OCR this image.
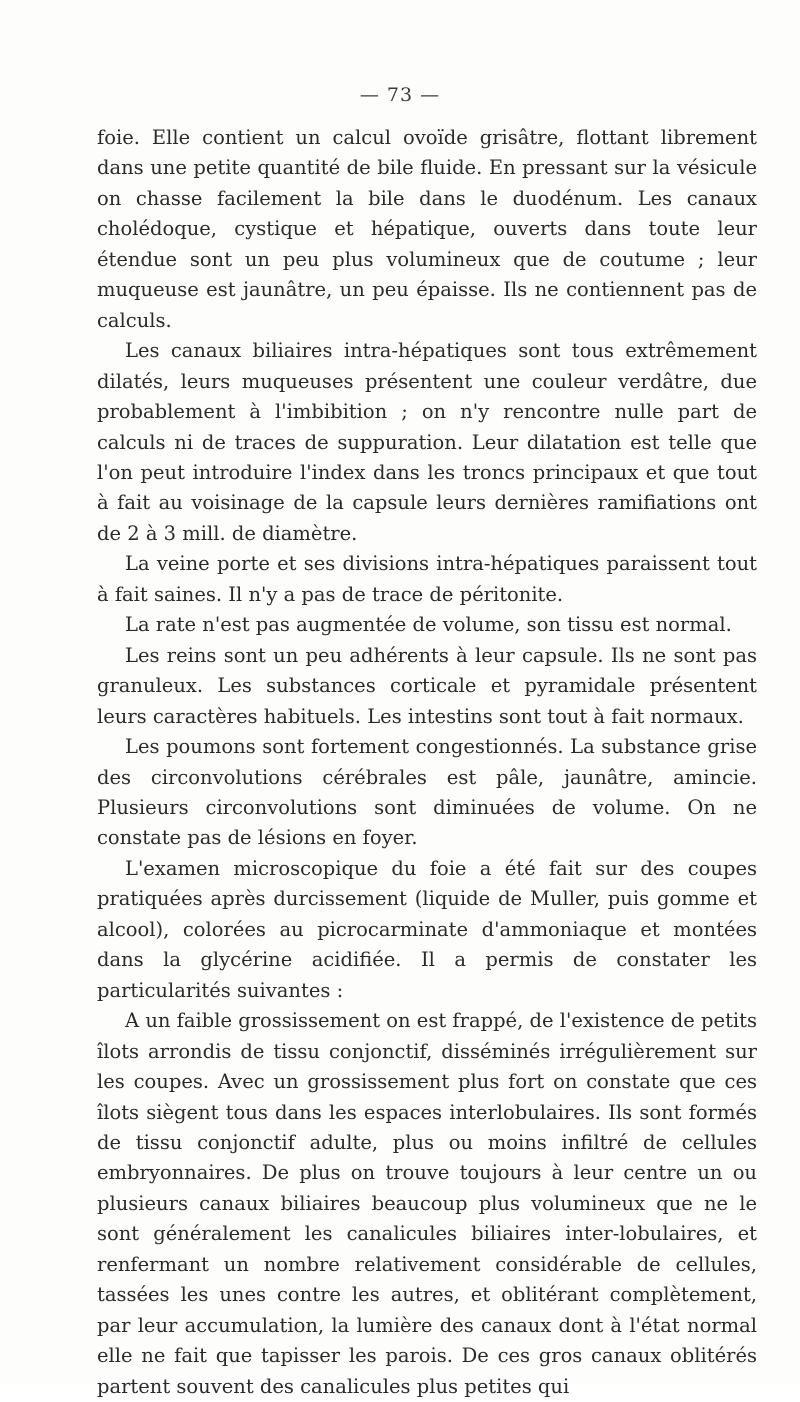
— 73 —

foie. Elle contient un calcul ovoïde grisâtre, flottant librement dans une petite quantité de bile fluide. En pressant sur la vésicule on chasse facilement la bile dans le duodénum. Les canaux cholédoque, cystique et hépatique, ouverts dans toute leur étendue sont un peu plus volumineux que de coutume ; leur muqueuse est jaunâtre, un peu épaisse. Ils ne contiennent pas de calculs.

Les canaux biliaires intra-hépatiques sont tous extrêmement dilatés, leurs muqueuses présentent une couleur verdâtre, due probablement à l'imbibition ; on n'y rencontre nulle part de calculs ni de traces de suppuration. Leur dilatation est telle que l'on peut introduire l'index dans les troncs principaux et que tout à fait au voisinage de la capsule leurs dernières ramifiations ont de 2 à 3 mill. de diamètre.

La veine porte et ses divisions intra-hépatiques paraissent tout à fait saines. Il n'y a pas de trace de péritonite.

La rate n'est pas augmentée de volume, son tissu est normal.

Les reins sont un peu adhérents à leur capsule. Ils ne sont pas granuleux. Les substances corticale et pyramidale présentent leurs caractères habituels. Les intestins sont tout à fait normaux.

Les poumons sont fortement congestionnés. La substance grise des circonvolutions cérébrales est pâle, jaunâtre, amincie. Plusieurs circonvolutions sont diminuées de volume. On ne constate pas de lésions en foyer.

L'examen microscopique du foie a été fait sur des coupes pratiquées après durcissement (liquide de Muller, puis gomme et alcool), colorées au picrocarminate d'ammoniaque et montées dans la glycérine acidifiée. Il a permis de constater les particularités suivantes :

A un faible grossissement on est frappé, de l'existence de petits îlots arrondis de tissu conjonctif, disséminés irrégulièrement sur les coupes. Avec un grossissement plus fort on constate que ces îlots siègent tous dans les espaces interlobulaires. Ils sont formés de tissu conjonctif adulte, plus ou moins infiltré de cellules embryonnaires. De plus on trouve toujours à leur centre un ou plusieurs canaux biliaires beaucoup plus volumineux que ne le sont généralement les canalicules biliaires inter-lobulaires, et renfermant un nombre relativement considérable de cellules, tassées les unes contre les autres, et oblitérant complètement, par leur accumulation, la lumière des canaux dont à l'état normal elle ne fait que tapisser les parois. De ces gros canaux oblitérés partent souvent des canalicules plus petites qui
